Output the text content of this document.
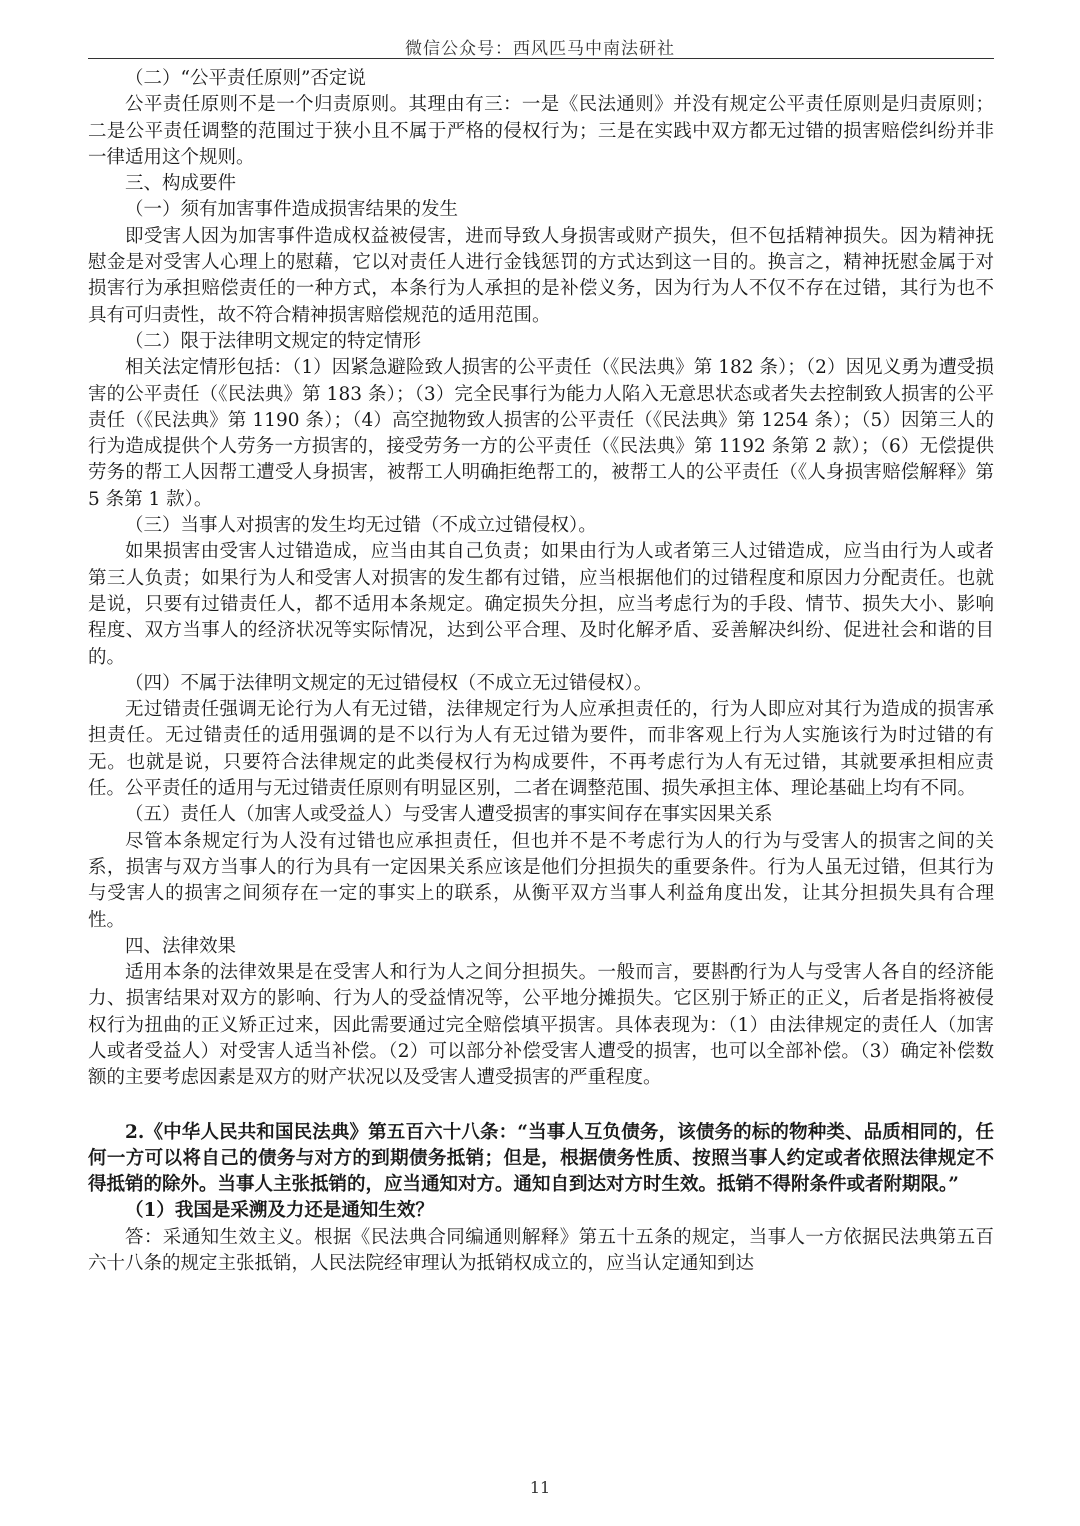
微信公众号：西风匹马中南法研社

（二）“公平责任原则”否定说

公平责任原则不是一个归责原则。其理由有三：一是《民法通则》并没有规定公平责任原则是归责原则；二是公平责任调整的范围过于狭小且不属于严格的侵权行为；三是在实践中双方都无过错的损害赔偿纠纷并非一律适用这个规则。

三、构成要件

（一）须有加害事件造成损害结果的发生

即受害人因为加害事件造成权益被侵害，进而导致人身损害或财产损失，但不包括精神损失。因为精神抚慰金是对受害人心理上的慰藉，它以对责任人进行金钱惩罚的方式达到这一目的。换言之，精神抚慰金属于对损害行为承担赔偿责任的一种方式，本条行为人承担的是补偿义务，因为行为人不仅不存在过错，其行为也不具有可归责性，故不符合精神损害赔偿规范的适用范围。

（二）限于法律明文规定的特定情形

相关法定情形包括：（1）因紧急避险致人损害的公平责任（《民法典》第 182 条）；（2）因见义勇为遭受损害的公平责任（《民法典》第 183 条）；（3）完全民事行为能力人陷入无意思状态或者失去控制致人损害的公平责任（《民法典》第 1190 条）；（4）高空抛物致人损害的公平责任（《民法典》第 1254 条）；（5）因第三人的行为造成提供个人劳务一方损害的，接受劳务一方的公平责任（《民法典》第 1192 条第 2 款）；（6）无偿提供劳务的帮工人因帮工遭受人身损害，被帮工人明确拒绝帮工的，被帮工人的公平责任（《人身损害赔偿解释》第 5 条第 1 款）。

（三）当事人对损害的发生均无过错（不成立过错侵权）。

如果损害由受害人过错造成，应当由其自己负责；如果由行为人或者第三人过错造成，应当由行为人或者第三人负责；如果行为人和受害人对损害的发生都有过错，应当根据他们的过错程度和原因力分配责任。也就是说，只要有过错责任人，都不适用本条规定。确定损失分担，应当考虑行为的手段、情节、损失大小、影响程度、双方当事人的经济状况等实际情况，达到公平合理、及时化解矛盾、妥善解决纠纷、促进社会和谐的目的。

（四）不属于法律明文规定的无过错侵权（不成立无过错侵权）。

无过错责任强调无论行为人有无过错，法律规定行为人应承担责任的，行为人即应对其行为造成的损害承担责任。无过错责任的适用强调的是不以行为人有无过错为要件，而非客观上行为人实施该行为时过错的有无。也就是说，只要符合法律规定的此类侵权行为构成要件，不再考虑行为人有无过错，其就要承担相应责任。公平责任的适用与无过错责任原则有明显区别，二者在调整范围、损失承担主体、理论基础上均有不同。

（五）责任人（加害人或受益人）与受害人遭受损害的事实间存在事实因果关系

尽管本条规定行为人没有过错也应承担责任，但也并不是不考虑行为人的行为与受害人的损害之间的关系，损害与双方当事人的行为具有一定因果关系应该是他们分担损失的重要条件。行为人虽无过错，但其行为与受害人的损害之间须存在一定的事实上的联系，从衡平双方当事人利益角度出发，让其分担损失具有合理性。

四、法律效果

适用本条的法律效果是在受害人和行为人之间分担损失。一般而言，要斟酌行为人与受害人各自的经济能力、损害结果对双方的影响、行为人的受益情况等，公平地分摊损失。它区别于矫正的正义，后者是指将被侵权行为扭曲的正义矫正过来，因此需要通过完全赔偿填平损害。具体表现为：（1）由法律规定的责任人（加害人或者受益人）对受害人适当补偿。（2）可以部分补偿受害人遭受的损害，也可以全部补偿。（3）确定补偿数额的主要考虑因素是双方的财产状况以及受害人遭受损害的严重程度。

2.《中华人民共和国民法典》第五百六十八条：“当事人互负债务，该债务的标的物种类、品质相同的，任何一方可以将自己的债务与对方的到期债务抵销；但是，根据债务性质、按照当事人约定或者依照法律规定不得抵销的除外。当事人主张抵销的，应当通知对方。通知自到达对方时生效。抵销不得附条件或者附期限。”

（1）我国是采溯及力还是通知生效？

答：采通知生效主义。根据《民法典合同编通则解释》第五十五条的规定，当事人一方依据民法典第五百六十八条的规定主张抵销，人民法院经审理认为抵销权成立的，应当认定通知到达

11
